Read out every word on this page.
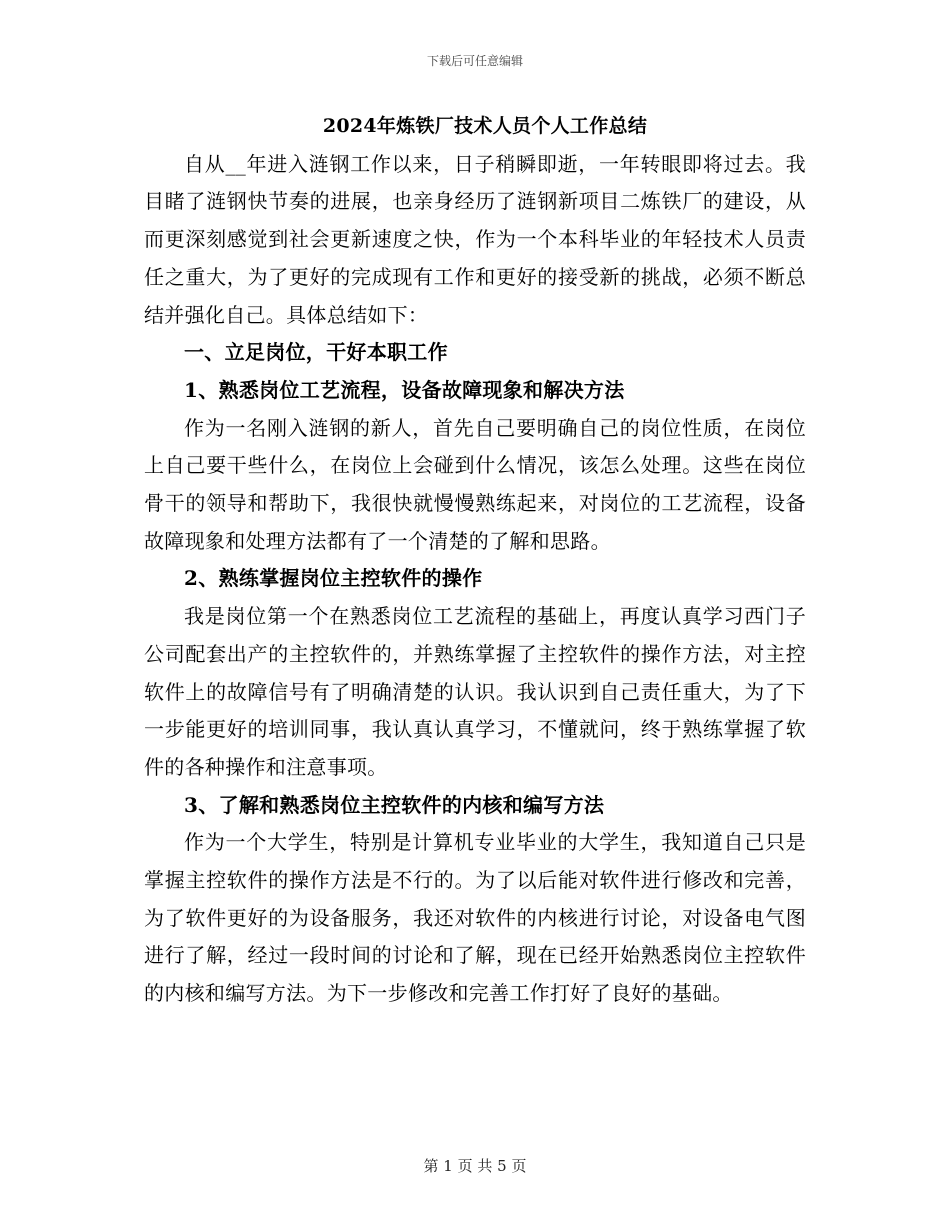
下载后可任意编辑

2024年炼铁厂技术人员个人工作总结

自从__年进入涟钢工作以来，日子稍瞬即逝，一年转眼即将过去。我目睹了涟钢快节奏的进展，也亲身经历了涟钢新项目二炼铁厂的建设，从而更深刻感觉到社会更新速度之快，作为一个本科毕业的年轻技术人员责任之重大，为了更好的完成现有工作和更好的接受新的挑战，必须不断总结并强化自己。具体总结如下：

一、立足岗位，干好本职工作

1、熟悉岗位工艺流程，设备故障现象和解决方法

作为一名刚入涟钢的新人，首先自己要明确自己的岗位性质，在岗位上自己要干些什么，在岗位上会碰到什么情况，该怎么处理。这些在岗位骨干的领导和帮助下，我很快就慢慢熟练起来，对岗位的工艺流程，设备故障现象和处理方法都有了一个清楚的了解和思路。

2、熟练掌握岗位主控软件的操作

我是岗位第一个在熟悉岗位工艺流程的基础上，再度认真学习西门子公司配套出产的主控软件的，并熟练掌握了主控软件的操作方法，对主控软件上的故障信号有了明确清楚的认识。我认识到自己责任重大，为了下一步能更好的培训同事，我认真认真学习，不懂就问，终于熟练掌握了软件的各种操作和注意事项。

3、了解和熟悉岗位主控软件的内核和编写方法

作为一个大学生，特别是计算机专业毕业的大学生，我知道自己只是掌握主控软件的操作方法是不行的。为了以后能对软件进行修改和完善，为了软件更好的为设备服务，我还对软件的内核进行讨论，对设备电气图进行了解，经过一段时间的讨论和了解，现在已经开始熟悉岗位主控软件的内核和编写方法。为下一步修改和完善工作打好了良好的基础。

第 1 页 共 5 页
